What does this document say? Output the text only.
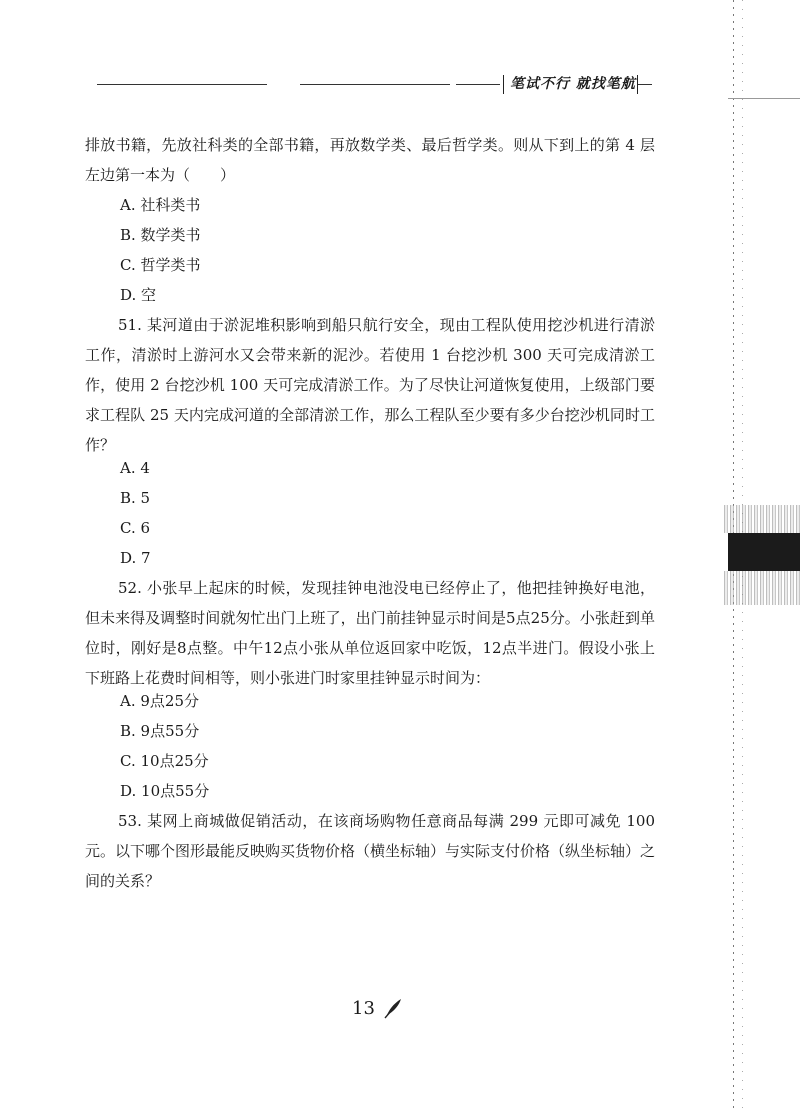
笔试不行 就找笔航

排放书籍，先放社科类的全部书籍，再放数学类、最后哲学类。则从下到上的第 4 层左边第一本为（　　）

A. 社科类书
B. 数学类书
C. 哲学类书
D. 空

51. 某河道由于淤泥堆积影响到船只航行安全，现由工程队使用挖沙机进行清淤工作，清淤时上游河水又会带来新的泥沙。若使用 1 台挖沙机 300 天可完成清淤工作，使用 2 台挖沙机 100 天可完成清淤工作。为了尽快让河道恢复使用，上级部门要求工程队 25 天内完成河道的全部清淤工作，那么工程队至少要有多少台挖沙机同时工作？

A. 4
B. 5
C. 6
D. 7

52. 小张早上起床的时候，发现挂钟电池没电已经停止了，他把挂钟换好电池，但未来得及调整时间就匆忙出门上班了，出门前挂钟显示时间是5点25分。小张赶到单位时，刚好是8点整。中午12点小张从单位返回家中吃饭，12点半进门。假设小张上下班路上花费时间相等，则小张进门时家里挂钟显示时间为：

A. 9点25分
B. 9点55分
C. 10点25分
D. 10点55分

53. 某网上商城做促销活动，在该商场购物任意商品每满 299 元即可减免 100 元。以下哪个图形最能反映购买货物价格（横坐标轴）与实际支付价格（纵坐标轴）之间的关系？

13
